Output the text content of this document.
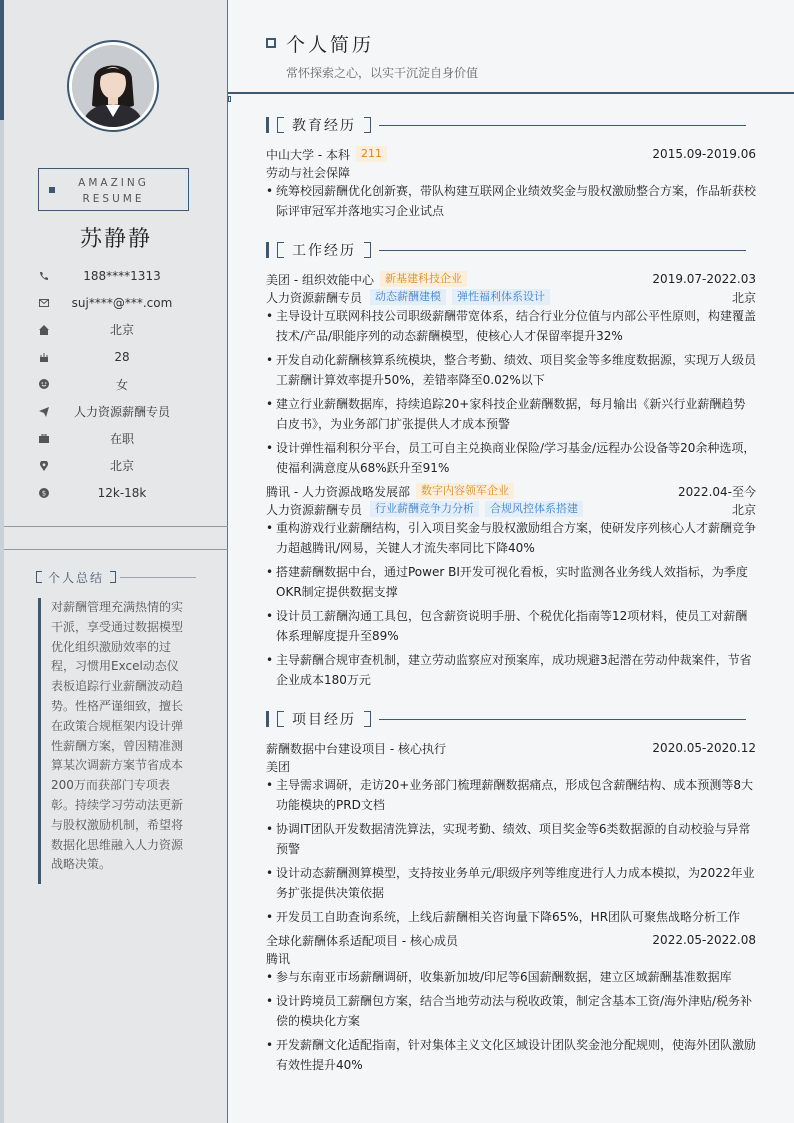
AMAZING
RESUME
苏静静
188****1313
suj****@***.com
北京
28
女
人力资源薪酬专员
在职
北京
$	12k-18k
个人总结
对薪酬管理充满热情的实干派，享受通过数据模型优化组织激励效率的过程，习惯用Excel动态仪表板追踪行业薪酬波动趋势。性格严谨细致，擅长在政策合规框架内设计弹性薪酬方案，曾因精准测算某次调薪方案节省成本200万而获部门专项表彰。持续学习劳动法更新与股权激励机制，希望将数据化思维融入人力资源战略决策。
个人简历
常怀探索之心，以实干沉淀自身价值
教育经历
中山大学 - 本科	211	2015.09-2019.06
劳动与社会保障
• 统筹校园薪酬优化创新赛，带队构建互联网企业绩效奖金与股权激励整合方案，作品斩获校际评审冠军并落地实习企业试点
工作经历
美团 - 组织效能中心	新基建科技企业	2019.07-2022.03
人力资源薪酬专员	动态薪酬建模	弹性福利体系设计	北京
• 主导设计互联网科技公司职级薪酬带宽体系，结合行业分位值与内部公平性原则，构建覆盖技术/产品/职能序列的动态薪酬模型，使核心人才保留率提升32%
• 开发自动化薪酬核算系统模块，整合考勤、绩效、项目奖金等多维度数据源，实现万人级员工薪酬计算效率提升50%，差错率降至0.02%以下
• 建立行业薪酬数据库，持续追踪20+家科技企业薪酬数据，每月输出《新兴行业薪酬趋势白皮书》，为业务部门扩张提供人才成本预警
• 设计弹性福利积分平台，员工可自主兑换商业保险/学习基金/远程办公设备等20余种选项，使福利满意度从68%跃升至91%
腾讯 - 人力资源战略发展部	数字内容领军企业	2022.04-至今
人力资源薪酬专员	行业薪酬竞争力分析	合规风控体系搭建	北京
• 重构游戏行业薪酬结构，引入项目奖金与股权激励组合方案，使研发序列核心人才薪酬竞争力超越腾讯/网易，关键人才流失率同比下降40%
• 搭建薪酬数据中台，通过Power BI开发可视化看板，实时监测各业务线人效指标，为季度OKR制定提供数据支撑
• 设计员工薪酬沟通工具包，包含薪资说明手册、个税优化指南等12项材料，使员工对薪酬体系理解度提升至89%
• 主导薪酬合规审查机制，建立劳动监察应对预案库，成功规避3起潜在劳动仲裁案件，节省企业成本180万元
项目经历
薪酬数据中台建设项目 - 核心执行	2020.05-2020.12
美团
• 主导需求调研，走访20+业务部门梳理薪酬数据痛点，形成包含薪酬结构、成本预测等8大功能模块的PRD文档
• 协调IT团队开发数据清洗算法，实现考勤、绩效、项目奖金等6类数据源的自动校验与异常预警
• 设计动态薪酬测算模型，支持按业务单元/职级序列等维度进行人力成本模拟，为2022年业务扩张提供决策依据
• 开发员工自助查询系统，上线后薪酬相关咨询量下降65%，HR团队可聚焦战略分析工作
全球化薪酬体系适配项目 - 核心成员	2022.05-2022.08
腾讯
• 参与东南亚市场薪酬调研，收集新加坡/印尼等6国薪酬数据，建立区域薪酬基准数据库
• 设计跨境员工薪酬包方案，结合当地劳动法与税收政策，制定含基本工资/海外津贴/税务补偿的模块化方案
• 开发薪酬文化适配指南，针对集体主义文化区域设计团队奖金池分配规则，使海外团队激励有效性提升40%
